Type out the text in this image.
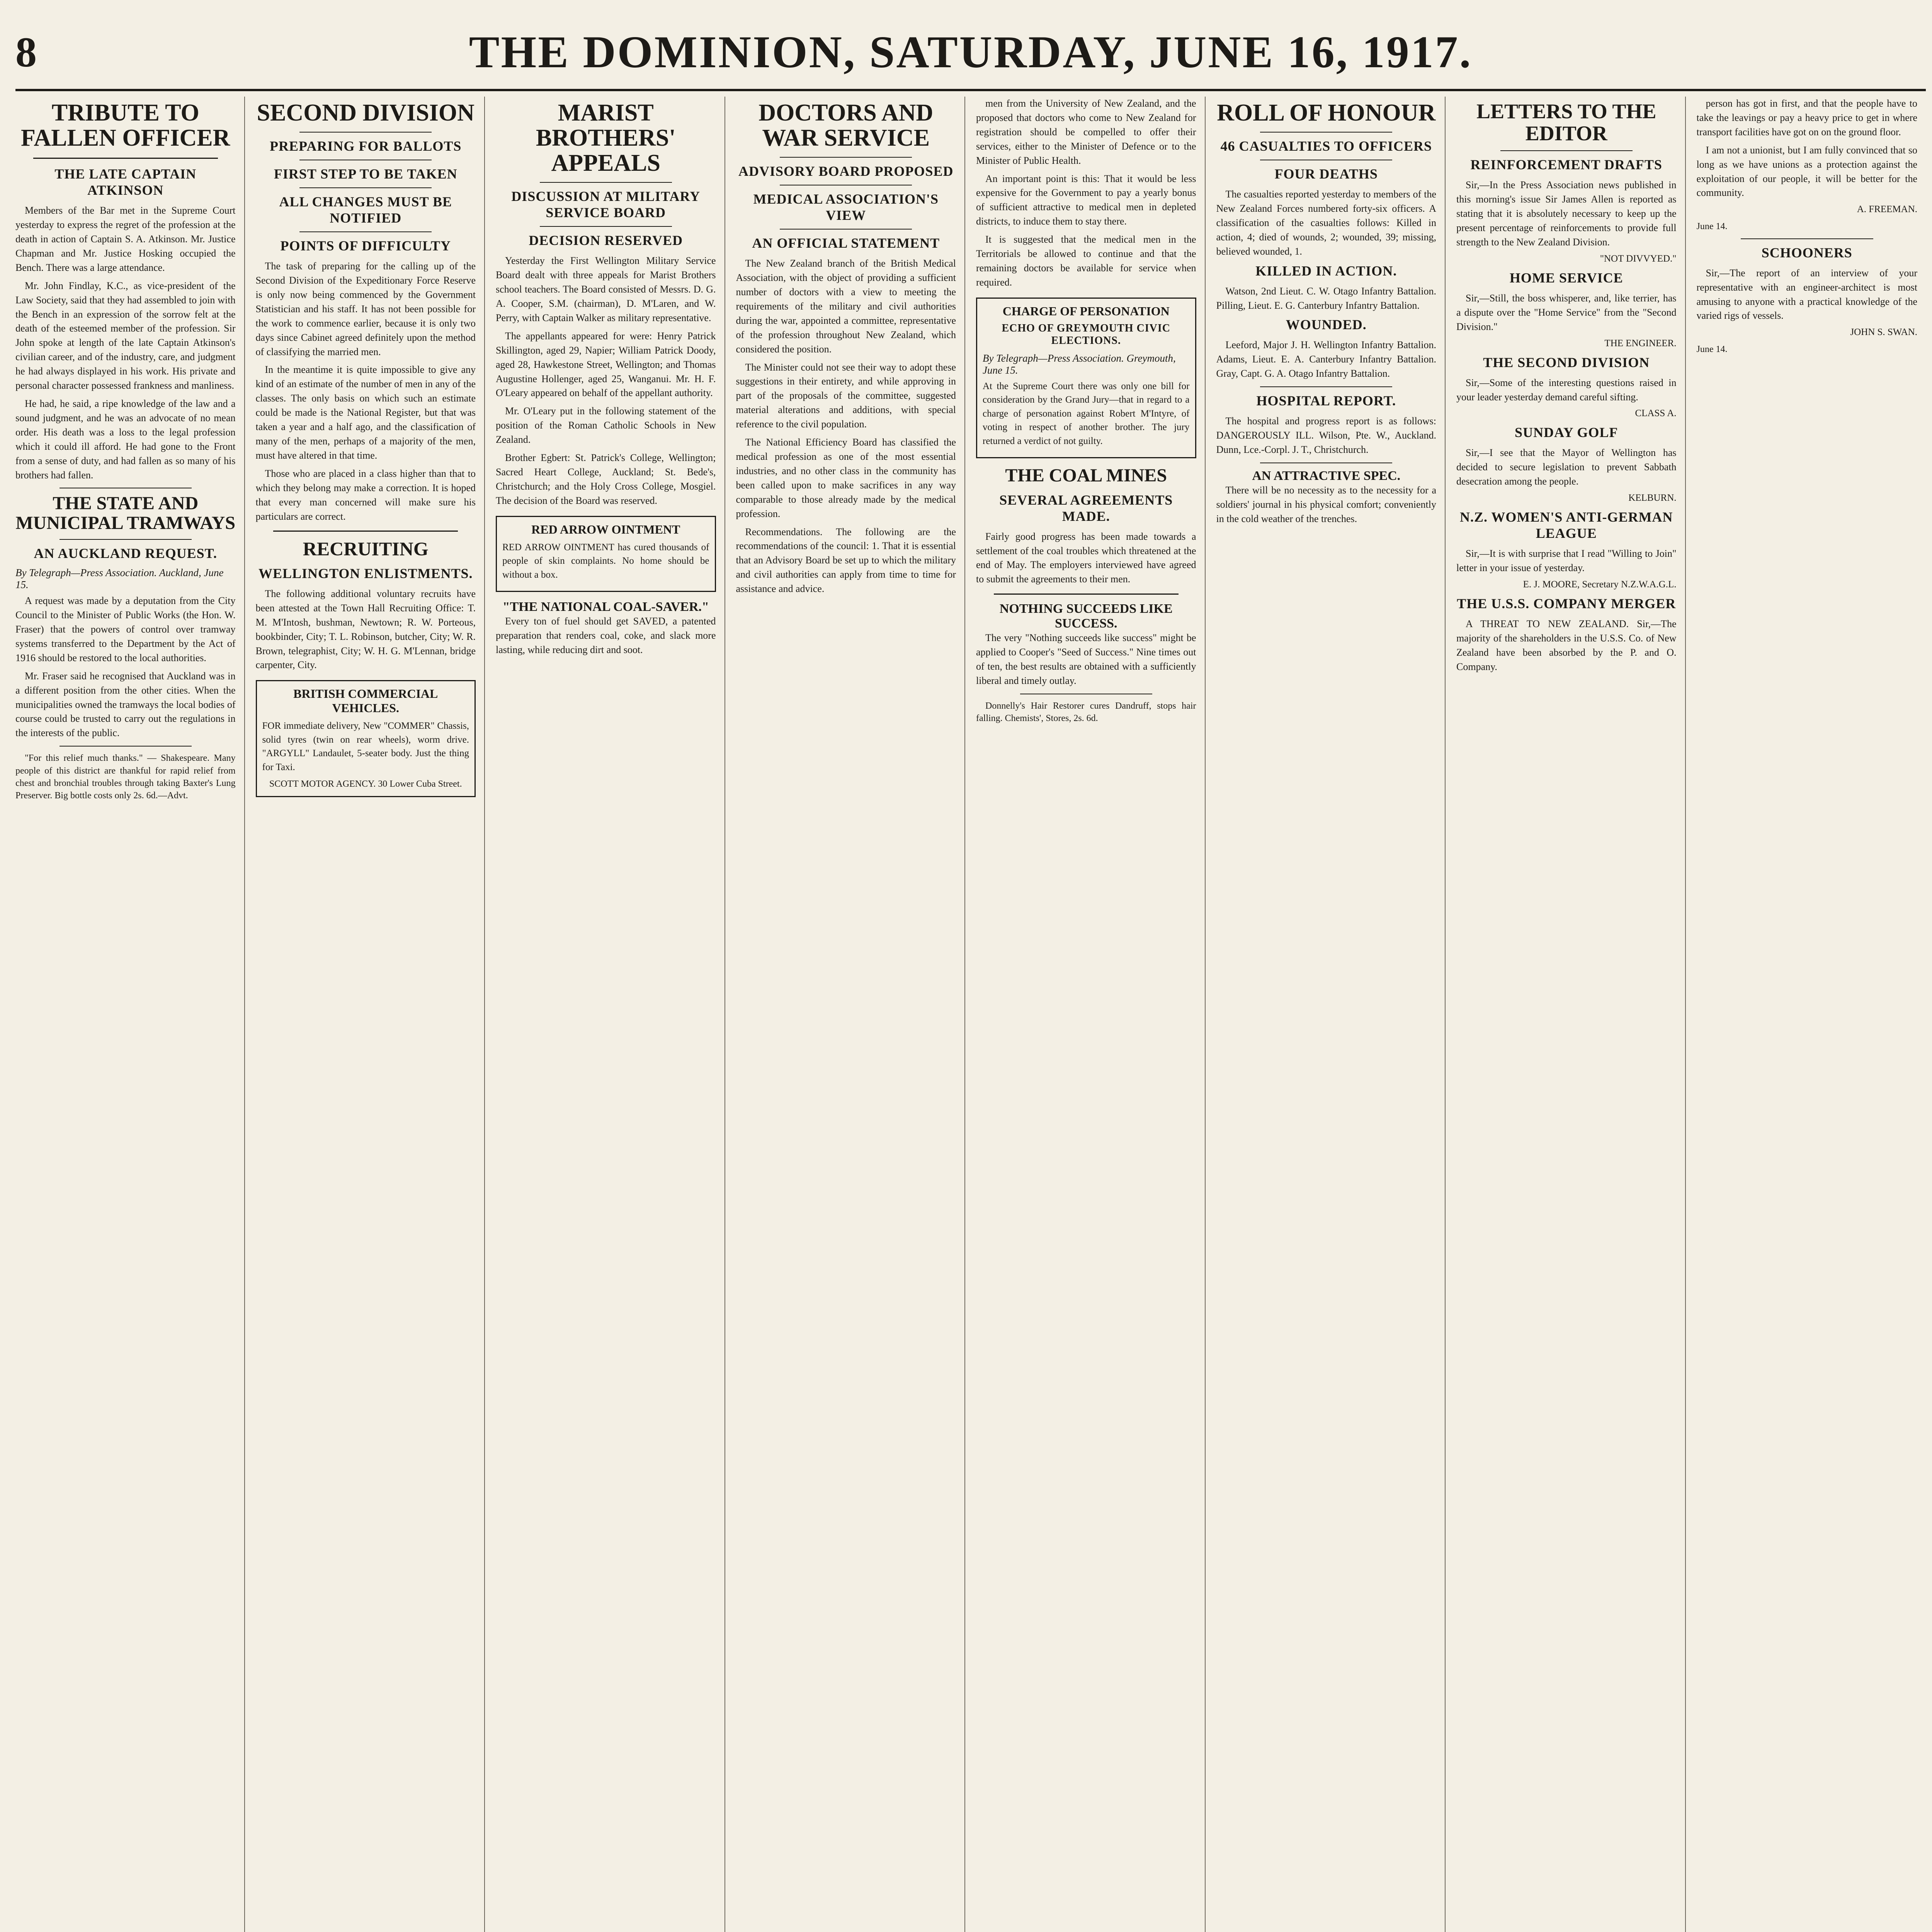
8	THE DOMINION, SATURDAY, JUNE 16, 1917.
TRIBUTE TO FALLEN OFFICER
THE LATE CAPTAIN ATKINSON

Members of the Bar met in the Supreme Court yesterday to express the regret of the profession at the death in action of Captain S. A. Atkinson. Mr. Justice Chapman and Mr. Justice Hosking occupied the Bench. There was a large attendance.

Mr. John Findlay, K.C., as vice-president of the Law Society, said that they had assembled to join with the Bench in an expression of the sorrow felt at the death of the esteemed member of the profession. Sir John spoke at length of the late Captain Atkinson's civilian career, and of the industry, care, and judgment he had always displayed in his work. His private and personal character possessed frankness and manliness.

He had, he said, a ripe knowledge of the law and a sound judgment, and he was an advocate of no mean order. His death was a loss to the legal profession which it could ill afford. He had gone to the Front from a sense of duty, and had fallen as so many of his brothers had fallen.

THE STATE AND MUNICIPAL TRAMWAYS
AN AUCKLAND REQUEST.
By Telegraph—Press Association. Auckland, June 15.

A request was made by a deputation from the City Council to the Minister of Public Works (the Hon. W. Fraser) that the powers of control over tramway systems transferred to the Department by the Act of 1916 should be restored to the local authorities.

Mr. Fraser said he recognised that Auckland was in a different position from the other cities. When the municipalities owned the tramways the local bodies of course could be trusted to carry out the regulations in the interests of the public.

"For this relief much thanks." — Shakespeare. Many people of this district are thankful for rapid relief from chest and bronchial troubles through taking Baxter's Lung Preserver. Big bottle costs only 2s. 6d.—Advt.

SECOND DIVISION
PREPARING FOR BALLOTS
FIRST STEP TO BE TAKEN
ALL CHANGES MUST BE NOTIFIED
POINTS OF DIFFICULTY

The task of preparing for the calling up of the Second Division of the Expeditionary Force Reserve is only now being commenced by the Government Statistician and his staff. It has not been possible for the work to commence earlier, because it is only two days since Cabinet agreed definitely upon the method of classifying the married men.

In the meantime it is quite impossible to give any kind of an estimate of the number of men in any of the classes. The only basis on which such an estimate could be made is the National Register, but that was taken a year and a half ago, and the classification of many of the men, perhaps of a majority of the men, must have altered in that time.

Those who are placed in a class higher than that to which they belong may make a correction. It is hoped that every man concerned will make sure his particulars are correct.

RECRUITING
WELLINGTON ENLISTMENTS.

The following additional voluntary recruits have been attested at the Town Hall Recruiting Office: T. M. M'Intosh, bushman, Newtown; R. W. Porteous, bookbinder, City; T. L. Robinson, butcher, City; W. R. Brown, telegraphist, City; W. H. G. M'Lennan, bridge carpenter, City.

BRITISH COMMERCIAL VEHICLES.

FOR immediate delivery, New "COMMER" Chassis, solid tyres (twin on rear wheels), worm drive. "ARGYLL" Landaulet, 5-seater body. Just the thing for Taxi.

SCOTT MOTOR AGENCY. 30 Lower Cuba Street.
MARIST BROTHERS' APPEALS
DISCUSSION AT MILITARY SERVICE BOARD
DECISION RESERVED

Yesterday the First Wellington Military Service Board dealt with three appeals for Marist Brothers school teachers. The Board consisted of Messrs. D. G. A. Cooper, S.M. (chairman), D. M'Laren, and W. Perry, with Captain Walker as military representative.

The appellants appeared for were: Henry Patrick Skillington, aged 29, Napier; William Patrick Doody, aged 28, Hawkestone Street, Wellington; and Thomas Augustine Hollenger, aged 25, Wanganui. Mr. H. F. O'Leary appeared on behalf of the appellant authority.

Mr. O'Leary put in the following statement of the position of the Roman Catholic Schools in New Zealand.

Brother Egbert: St. Patrick's College, Wellington; Sacred Heart College, Auckland; St. Bede's, Christchurch; and the Holy Cross College, Mosgiel. The decision of the Board was reserved.

RED ARROW OINTMENT

RED ARROW OINTMENT has cured thousands of people of skin complaints. No home should be without a box.

"THE NATIONAL COAL-SAVER."

Every ton of fuel should get SAVED, a patented preparation that renders coal, coke, and slack more lasting, while reducing dirt and soot.

DOCTORS AND WAR SERVICE
ADVISORY BOARD PROPOSED
MEDICAL ASSOCIATION'S VIEW
AN OFFICIAL STATEMENT

The New Zealand branch of the British Medical Association, with the object of providing a sufficient number of doctors with a view to meeting the requirements of the military and civil authorities during the war, appointed a committee, representative of the profession throughout New Zealand, which considered the position.

The Minister could not see their way to adopt these suggestions in their entirety, and while approving in part of the proposals of the committee, suggested material alterations and additions, with special reference to the civil population.

The National Efficiency Board has classified the medical profession as one of the most essential industries, and no other class in the community has been called upon to make sacrifices in any way comparable to those already made by the medical profession.

Recommendations. The following are the recommendations of the council: 1. That it is essential that an Advisory Board be set up to which the military and civil authorities can apply from time to time for assistance and advice.

men from the University of New Zealand, and the proposed that doctors who come to New Zealand for registration should be compelled to offer their services, either to the Minister of Defence or to the Minister of Public Health.

An important point is this: That it would be less expensive for the Government to pay a yearly bonus of sufficient attractive to medical men in depleted districts, to induce them to stay there.

It is suggested that the medical men in the Territorials be allowed to continue and that the remaining doctors be available for service when required.

CHARGE OF PERSONATION
ECHO OF GREYMOUTH CIVIC ELECTIONS.
By Telegraph—Press Association. Greymouth, June 15.

At the Supreme Court there was only one bill for consideration by the Grand Jury—that in regard to a charge of personation against Robert M'Intyre, of voting in respect of another brother. The jury returned a verdict of not guilty.

THE COAL MINES
SEVERAL AGREEMENTS MADE.

Fairly good progress has been made towards a settlement of the coal troubles which threatened at the end of May. The employers interviewed have agreed to submit the agreements to their men.

NOTHING SUCCEEDS LIKE SUCCESS.

The very "Nothing succeeds like success" might be applied to Cooper's "Seed of Success." Nine times out of ten, the best results are obtained with a sufficiently liberal and timely outlay.

Donnelly's Hair Restorer cures Dandruff, stops hair falling. Chemists', Stores, 2s. 6d.

ROLL OF HONOUR
46 CASUALTIES TO OFFICERS
FOUR DEATHS

The casualties reported yesterday to members of the New Zealand Forces numbered forty-six officers. A classification of the casualties follows: Killed in action, 4; died of wounds, 2; wounded, 39; missing, believed wounded, 1.

KILLED IN ACTION.

Watson, 2nd Lieut. C. W. Otago Infantry Battalion. Pilling, Lieut. E. G. Canterbury Infantry Battalion.

WOUNDED.

Leeford, Major J. H. Wellington Infantry Battalion. Adams, Lieut. E. A. Canterbury Infantry Battalion. Gray, Capt. G. A. Otago Infantry Battalion.

HOSPITAL REPORT.

The hospital and progress report is as follows: DANGEROUSLY ILL. Wilson, Pte. W., Auckland. Dunn, Lce.-Corpl. J. T., Christchurch.

AN ATTRACTIVE SPEC.

There will be no necessity as to the necessity for a soldiers' journal in his physical comfort; conveniently in the cold weather of the trenches.

LETTERS TO THE EDITOR
REINFORCEMENT DRAFTS

Sir,—In the Press Association news published in this morning's issue Sir James Allen is reported as stating that it is absolutely necessary to keep up the present percentage of reinforcements to provide full strength to the New Zealand Division.

"NOT DIVVYED."
HOME SERVICE

Sir,—Still, the boss whisperer, and, like terrier, has a dispute over the "Home Service" from the "Second Division."

THE ENGINEER.
THE SECOND DIVISION

Sir,—Some of the interesting questions raised in your leader yesterday demand careful sifting.

CLASS A.
SUNDAY GOLF

Sir,—I see that the Mayor of Wellington has decided to secure legislation to prevent Sabbath desecration among the people.

KELBURN.
N.Z. WOMEN'S ANTI-GERMAN LEAGUE

Sir,—It is with surprise that I read "Willing to Join" letter in your issue of yesterday.

E. J. MOORE, Secretary N.Z.W.A.G.L.
THE U.S.S. COMPANY MERGER

A THREAT TO NEW ZEALAND. Sir,—The majority of the shareholders in the U.S.S. Co. of New Zealand have been absorbed by the P. and O. Company.

person has got in first, and that the people have to take the leavings or pay a heavy price to get in where transport facilities have got on on the ground floor.

I am not a unionist, but I am fully convinced that so long as we have unions as a protection against the exploitation of our people, it will be better for the community.

A. FREEMAN.
June 14.
SCHOONERS

Sir,—The report of an interview of your representative with an engineer-architect is most amusing to anyone with a practical knowledge of the varied rigs of vessels.

JOHN S. SWAN.
June 14.
